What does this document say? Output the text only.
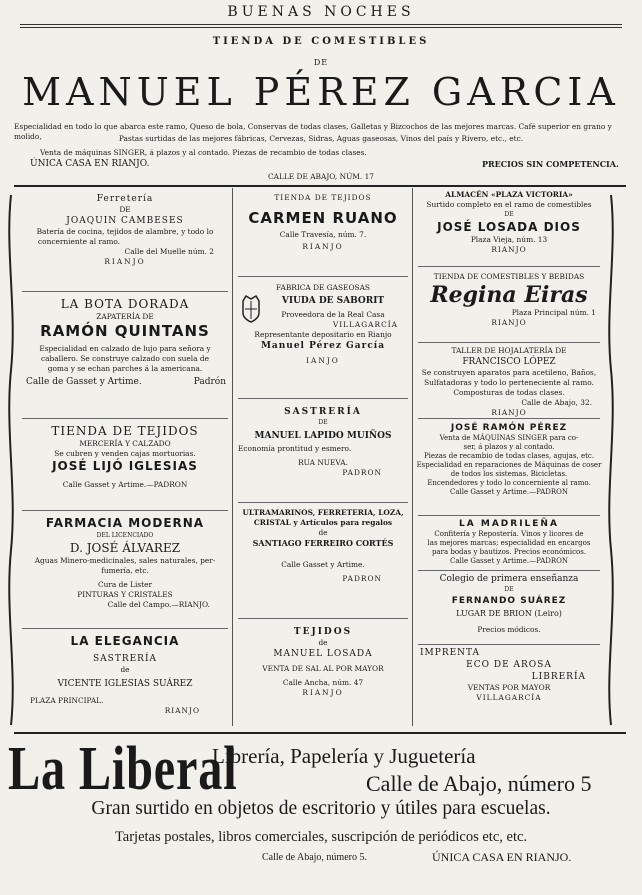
BUENAS NOCHES
TIENDA DE COMESTIBLES
DE
MANUEL PÉREZ GARCIA
Especialidad en todo lo que abarca este ramo, Queso de bola, Conservas de todas clases, Galletas y Bizcochos de las mejores marcas. Café superior en grano y molido,	Pastas surtidas de las mejores fábricas, Cervezas, Sidras, Aguas gaseosas, Vinos del país y Rivero, etc., etc.
Venta de máquinas SINGER, á plazos y al contado. Piezas de recambio de todas clases.
ÚNICA CASA EN RIANJO.	PRECIOS SIN COMPETENCIA.
CALLE DE ABAJO, NÚM. 17
Ferretería
DE
JOAQUIN CAMBESES
Batería de cocina, tejidos de alambre, y todo lo
concerniente al ramo.
Calle del Muelle núm. 2
RIANJO
LA BOTA DORADA
ZAPATERÍA DE
RAMÓN QUINTANS
Especialidad en calzado de lujo para señora y
caballero. Se construye calzado con suela de
goma y se echan parches á la americana.
Calle de Gasset y Artime.	Padrón
TIENDA DE TEJIDOS
MERCERÍA Y CALZADO
Se cubren y venden cajas mortuorias.
JOSÉ LIJÓ IGLESIAS
Calle Gasset y Artime.—PADRON
FARMACIA MODERNA
DEL LICENCIADO
D. JOSÉ ÁLVAREZ
Aguas Minero-medicinales, sales naturales, per-
fumería, etc.
Cura de Lister
PINTURAS Y CRISTALES
Calle del Campo.—RIANJO.
LA ELEGANCIA
SASTRERÍA
de
VICENTE IGLESIAS SUÁREZ
PLAZA PRINCIPAL.
RIANJO
TIENDA DE TEJIDOS
CARMEN RUANO
Calle Travesía, núm. 7.
RIANJO
FABRICA DE GASEOSAS
VIUDA DE SABORIT
Proveedora de la Real Casa
VILLAGARCÍA
Representante depositario en Rianjo
Manuel Pérez García
IANJO
SASTRERÍA
DE
MANUEL LAPIDO MUIÑOS
Economía prontitud y esmero.
RUA NUEVA.
PADRON
ULTRAMARINOS, FERRETERIA, LOZA,
CRISTAL y Artículos para regalos
de
SANTIAGO FERREIRO CORTÉS
Calle Gasset y Artime.
PADRON
TEJIDOS
de
MANUEL LOSADA
VENTA DE SAL AL POR MAYOR
Calle Ancha, núm. 47
RIANJO
ALMACÉN «PLAZA VICTORIA»
Surtido completo en el ramo de comestibles
DE
JOSÉ LOSADA DIOS
Plaza Vieja, núm. 13
RIANJO
TIENDA DE COMESTIBLES Y BEBIDAS
Regina Eiras
Plaza Principal núm. 1
RIANJO
TALLER DE HOJALATERÍA DE
FRANCISCO LÓPEZ
Se construyen aparatos para acetileno, Baños,
Sulfatadoras y todo lo perteneciente al ramo.
Composturas de todas clases.
Calle de Abajo, 32.
RIANJO
JOSÉ RAMÓN PÉREZ
Venta de MÁQUINAS SINGER para co-
ser, á plazos y al contado.
Piezas de recambio de todas clases, agujas, etc.
Especialidad en reparaciones de Máquinas de coser de todos los sistemas. Bicicletas.
Encendedores y todo lo concerniente al ramo.
Calle Gasset y Artime.—PADRON
LA MADRILEÑA
Confitería y Repostería. Vinos y licores de
las mejores marcas; especialidad en encargos
para bodas y bautizos. Precios económicos.
Calle Gasset y Artime.—PADRON
Colegio de primera enseñanza
DE
FERNANDO SUÁREZ
LUGAR DE BRION (Leiro)
Precios módicos.
IMPRENTA
ECO DE AROSA
LIBRERÍA
VENTAS POR MAYOR
VILLAGARCÍA
La Liberal
Librería, Papelería y Juguetería
Calle de Abajo, número 5
Gran surtido en objetos de escritorio y útiles para escuelas.
Tarjetas postales, libros comerciales, suscripción de periódicos etc, etc.
Calle de Abajo, número 5.	ÚNICA CASA EN RIANJO.
